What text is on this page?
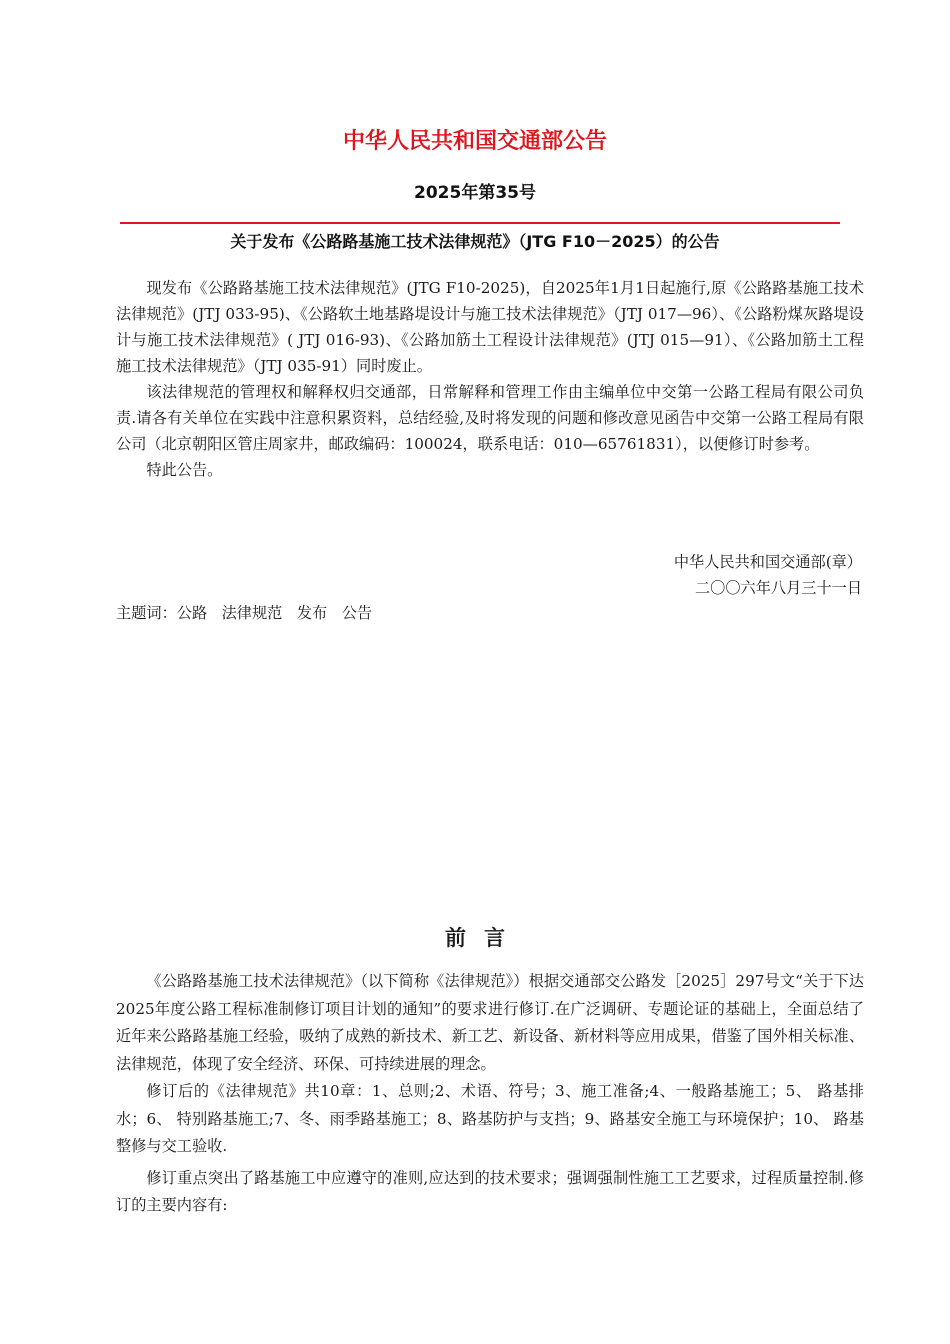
中华人民共和国交通部公告
2025年第35号
关于发布《公路路基施工技术法律规范》（JTG F10－2025）的公告

现发布《公路路基施工技术法律规范》(JTG F10-2025)，自2025年1月1日起施行,原《公路路基施工技术法律规范》(JTJ 033-95)、《公路软土地基路堤设计与施工技术法律规范》（JTJ 017—96）、《公路粉煤灰路堤设计与施工技术法律规范》( JTJ 016-93)、《公路加筋土工程设计法律规范》(JTJ 015—91）、《公路加筋土工程施工技术法律规范》（JTJ 035-91）同时废止。

该法律规范的管理权和解释权归交通部，日常解释和管理工作由主编单位中交第一公路工程局有限公司负责.请各有关单位在实践中注意积累资料，总结经验,及时将发现的问题和修改意见函告中交第一公路工程局有限公司（北京朝阳区管庄周家井，邮政编码：100024，联系电话：010—65761831），以便修订时参考。

特此公告。

中华人民共和国交通部(章）
二〇〇六年八月三十一日
主题词：公路   法律规范   发布   公告
前言

《公路路基施工技术法律规范》（以下简称《法律规范》）根据交通部交公路发［2025］297号文“关于下达2025年度公路工程标准制修订项目计划的通知”的要求进行修订.在广泛调研、专题论证的基础上，全面总结了近年来公路路基施工经验，吸纳了成熟的新技术、新工艺、新设备、新材料等应用成果，借鉴了国外相关标准、法律规范，体现了安全经济、环保、可持续进展的理念。

修订后的《法律规范》共10章：1、总则;2、术语、符号；3、施工准备;4、一般路基施工；5、 路基排水；6、 特别路基施工;7、冬、雨季路基施工；8、路基防护与支挡；9、路基安全施工与环境保护；10、 路基整修与交工验收.

修订重点突出了路基施工中应遵守的准则,应达到的技术要求；强调强制性施工工艺要求，过程质量控制.修订的主要内容有:
